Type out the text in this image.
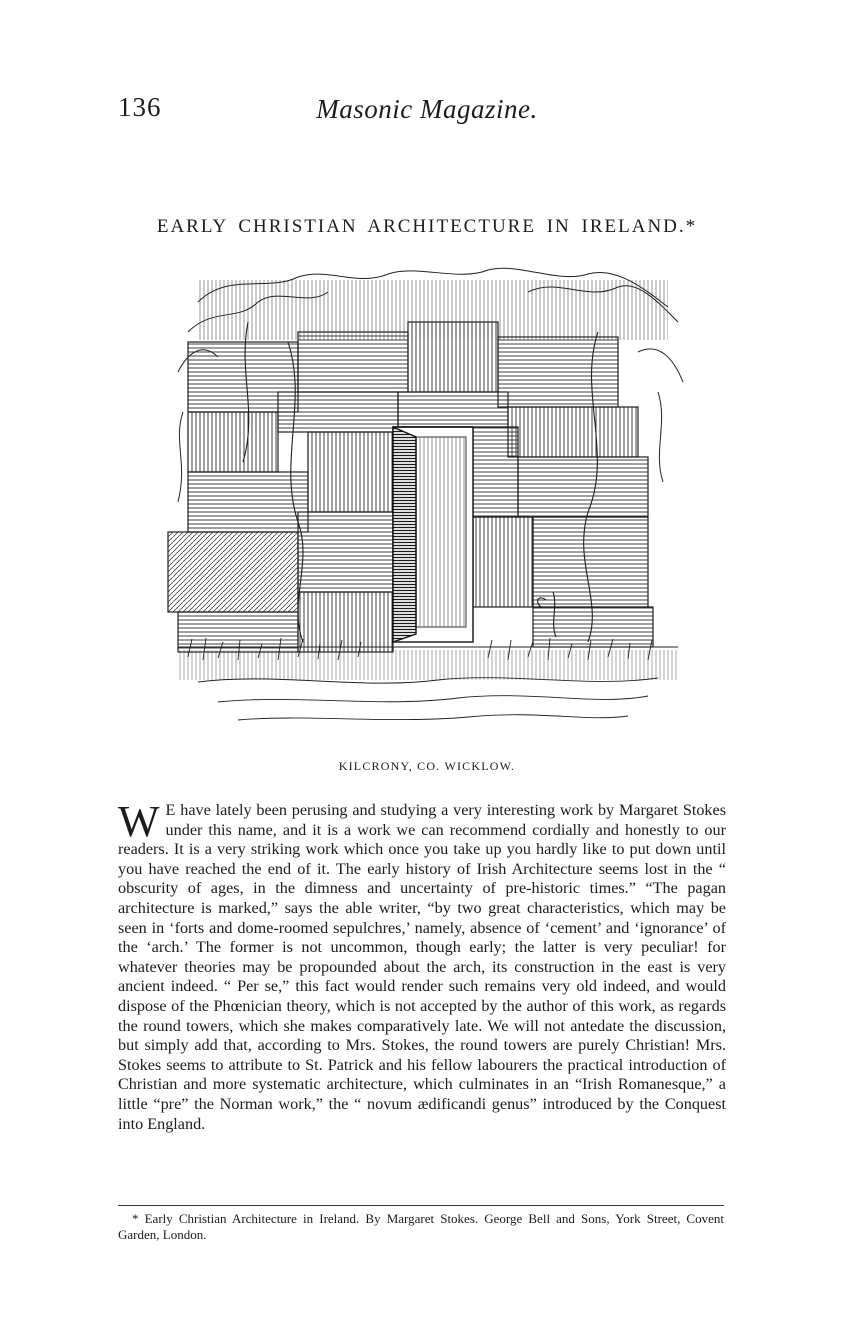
136	Masonic Magazine.
EARLY CHRISTIAN ARCHITECTURE IN IRELAND.*
KILCRONY, CO. WICKLOW.

W E have lately been perusing and studying a very interesting work by Margaret Stokes under this name, and it is a work we can recommend cordially and honestly to our readers. It is a very striking work which once you take up you hardly like to put down until you have reached the end of it. The early history of Irish Architecture seems lost in the “ obscurity of ages, in the dimness and uncertainty of pre-historic times.” “The pagan architecture is marked,” says the able writer, “by two great characteristics, which may be seen in ‘forts and dome-roomed sepulchres,’ namely, absence of ‘cement’ and ‘ignorance’ of the ‘arch.’ The former is not uncommon, though early; the latter is very peculiar! for whatever theories may be propounded about the arch, its construction in the east is very ancient indeed. “ Per se,” this fact would render such remains very old indeed, and would dispose of the Phœnician theory, which is not accepted by the author of this work, as regards the round towers, which she makes comparatively late. We will not antedate the discussion, but simply add that, according to Mrs. Stokes, the round towers are purely Christian! Mrs. Stokes seems to attribute to St. Patrick and his fellow labourers the practical introduction of Christian and more systematic architecture, which culminates in an “Irish Romanesque,” a little “pre” the Norman work,” the “ novum ædificandi genus” introduced by the Conquest into England.

* Early Christian Architecture in Ireland. By Margaret Stokes. George Bell and Sons, York Street, Covent Garden, London.
